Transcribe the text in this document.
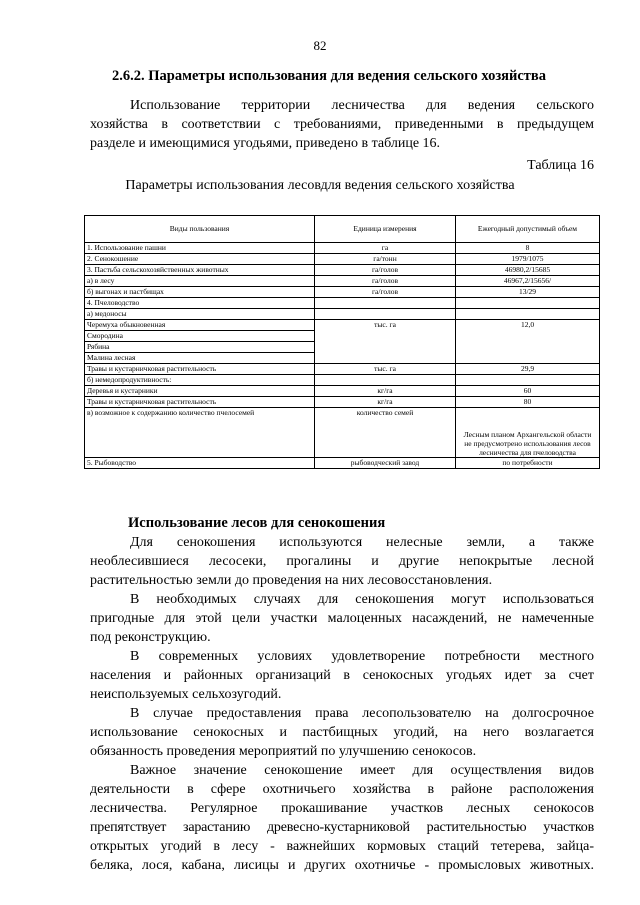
82
2.6.2. Параметры использования для ведения сельского хозяйства
Использование территории лесничества для ведения сельского
хозяйства в соответствии с требованиями, приведенными в предыдущем
разделе и имеющимися угодьями, приведено в таблице 16.
Таблица 16
Параметры использования лесовдля ведения сельского хозяйства
Виды пользования	Единица измерения	Ежегодный допустимый объем
1. Использование пашни	га	8
2. Сенокошение	га/тонн	1979/1075
3. Пастьба сельскохозяйственных животных	га/голов	46980,2/15685
а) в лесу	га/голов	46967,2/15656/
б) выгонах и пастбищах	га/голов	13/29
4. Пчеловодство		
а) медоносы		
Черемуха обыкновенная	тыс. га	12,0
Смородина		
Рябина		
Малина лесная		
Травы и кустарничковая растительность	тыс. га	29,9
б) немедопродуктивность:		
Деревья и кустарники	кг/га	60
Травы и кустарничковая растительность	кг/га	80
в) возможное к содержанию количество пчелосемей	количество семей	Лесным планом Архангельской области не предусмотрено использования лесов лесничества для пчеловодства
5. Рыбоводство	рыбоводческий завод	по потребности
Использование лесов для сенокошения
Для сенокошения используются нелесные земли, а также
необлесившиеся лесосеки, прогалины и другие непокрытые лесной
растительностью земли до проведения на них лесовосстановления.
В необходимых случаях для сенокошения могут использоваться
пригодные для этой цели участки малоценных насаждений, не намеченные
под реконструкцию.
В современных условиях удовлетворение потребности местного
населения и районных организаций в сенокосных угодьях идет за счет
неиспользуемых сельхозугодий.
В случае предоставления права лесопользователю на долгосрочное
использование сенокосных и пастбищных угодий, на него возлагается
обязанность проведения мероприятий по улучшению сенокосов.
Важное значение сенокошение имеет для осуществления видов
деятельности в сфере охотничьего хозяйства в районе расположения
лесничества. Регулярное прокашивание участков лесных сенокосов
препятствует зарастанию древесно-кустарниковой растительностью участков
открытых угодий в лесу - важнейших кормовых стаций тетерева, зайца-
беляка, лося, кабана, лисицы и других охотничье - промысловых животных.
